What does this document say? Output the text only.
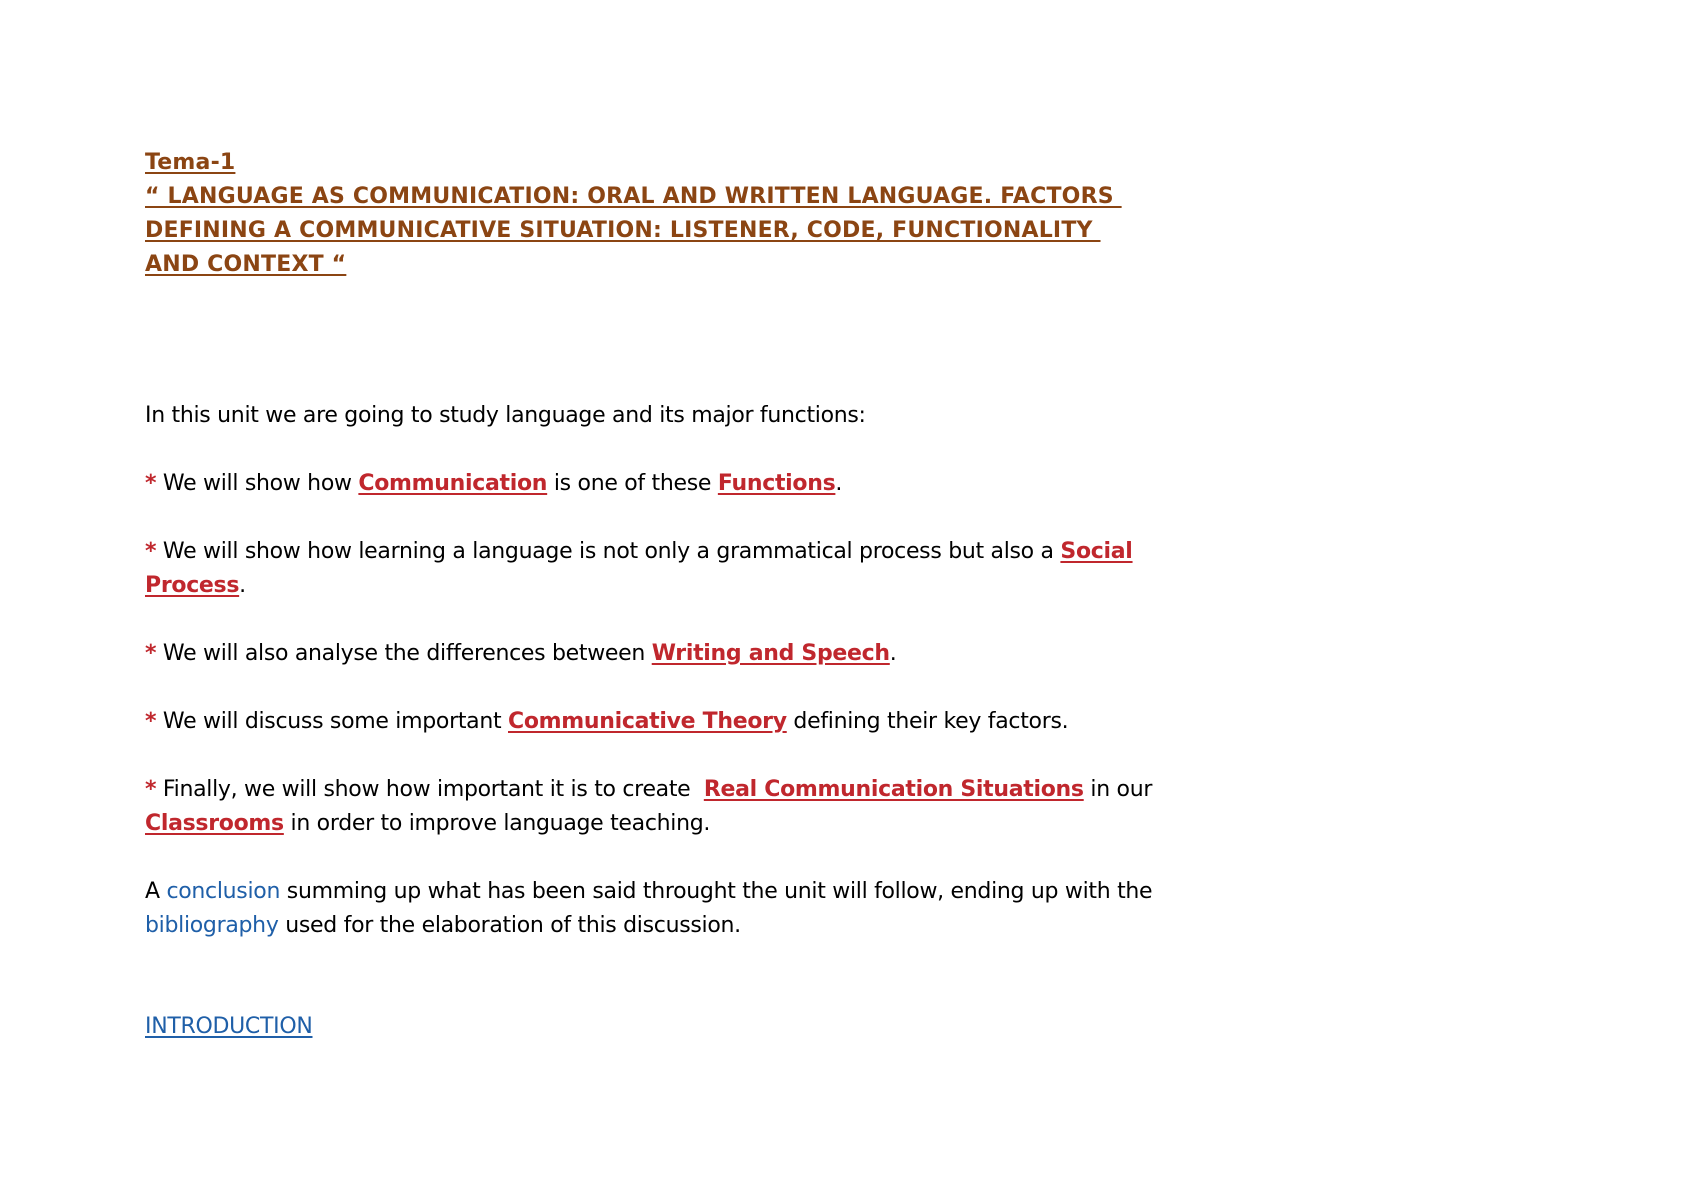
Tema-1
“ LANGUAGE AS COMMUNICATION: ORAL AND WRITTEN LANGUAGE. FACTORS
DEFINING A COMMUNICATIVE SITUATION: LISTENER, CODE, FUNCTIONALITY
AND CONTEXT “

In this unit we are going to study language and its major functions:

* We will show how Communication is one of these Functions.

* We will show how learning a language is not only a grammatical process but also a Social Process.

* We will also analyse the differences between Writing and Speech.

* We will discuss some important Communicative Theory defining their key factors.

* Finally, we will show how important it is to create  Real Communication Situations in our Classrooms in order to improve language teaching.

A conclusion summing up what has been said throught the unit will follow, ending up with the bibliography used for the elaboration of this discussion.

INTRODUCTION
